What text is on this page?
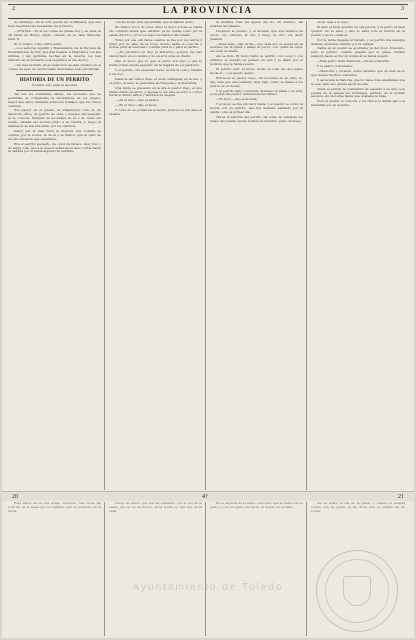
2	LA PROVINCIA	3

de embargo, sin su brio puede ser la Habana, que una bien repetidas las mudanzas de gobierno.

—VENTAS.—Es el uso toma de plazas hoy y en esta, al 30 varas de Burgo, tejido, situado en la calle Mayoral, num. 8.

Es lo mismo come carta venta.

—Los señores Agustin y Bustamante, de la Escuela de Sembradores de Sur, que han llegado a Mejicanos con sus últimas y las pérdidas hechas en la Guerra, los han referido en el Gobierno a la república el día de hoy.

—Se han recibido en la redacción de esta ciudad con el correo de ayer de los Escuelas nacionales a las provincias.

HISTORIA DE UN PERRITO

(Cuento sólo para la escena)

Tal vez los cuentistas saben, los leoneses que se permitan, al compararle la decadencia en los juegos, mejor que estos, también, sobre los trabajos que los chicos cuentan.

Era pastor en el pueblo de Villamuriel, todo él, de dieciocho años, un perrito de caza, y aunque era pequeño se le conocía. Ninguno se acordaba de él; y él, como sin dueño, pasaba las noches junto a la cuadra, y luego al amanecer se iba buscando por los caminos.

Debió ser la más dura la historia que todavía se cuenta, por la noche; la de él y su Pastor, que al cabo de un año tuvieron que separarse.

Era el perrito pequeño, de color de tabaco, muy vivo y de larga cola, que a la menor señal de su amo corría hasta la cañada por si había alguna res perdida.

con las horas muy aprendidas que le habian dado.

En menos poco de unos ratos el mozo Lucas se había ido contento hasta que, estando ya de vuelta, tomó por la senda del río y oyó a los lejos los balidos del rebaño.

Tomó por esa, sin darse cuenta, se fue por los cerros y entró por la calle de la Cruz, donde nadie le conocía y donde pidió al mesonero comida para él y para el perrito.

—¿Es perdido?—le dijo el labrador,—porque me has encontrado en el camino y no sé si tú eres su dueño.

Dijo el mozo que sí; que el perro era suyo y que lo había criado desde pequeño en la majada de los pastores.

Y el perrito, sin entender nada, movía la cola y miraba a los dos.

Pasaron así varios días; el mozo trabajaba en la era, y el perro, al lado, le guardaba la chaqueta y la merienda.

Una tarde se presentó en la era el pastor viejo, el que había criado al perro; y apenas lo vio éste se echó a correr hacia él dando saltos y ladridos de alegría.

—¡Es el mío!—dijo el pastor.

—¡Es el mío!—dijo el mozo.

Y como no se ponían de acuerdo, fueron los dos ante el alcalde.

la alcaldía, tras las aguas del río, en silencio, las pisadas del ganado.

Llegaron al pueblo, y el alcalde, que era hombre de juicio, oyó primero al uno y luego al otro, sin decir palabra.

—Pues bien,—dijo al fin,—que cada uno se ponga en un extremo de la plaza y llame al perro; con quien se vaya, ése será su dueño.

Así se hizo. El mozo llamó al perrito con voces y con silbidos; le enseñó un pedazo de pan y le llamó por el nombre que le había puesto.

El perrito miró al mozo, movió la cola, dio dos pasos hacia él… y se quedó quieto.

Entonces el pastor viejo, sin moverse de su sitio, no dijo más que una palabra, muy bajo, como se llama a los perros en el monte.

Y el perrito salió corriendo, atravesó la plaza y se echó a los pies del pastor, lamiéndole las manos.

—Es tuyo,—dijo el alcalde.

Y el mozo se fue sin decir nada, y el pastor se volvió al monte con su perrito, que iba delante, saltando por la senda como el primer día.

Tal es la historia del perrito, tal como la contaban los viejos del pueblo en las noches de invierno, junto al fuego.

en su casa a lo suyo.

El amo es bien querido de sus perros, y el perro es bien querido de su amo; y esto lo sabe todo el mundo en el pueblo y en la comarca.

Por la tarde llegaba el rebaño, y el perrito iba siempre delante, abriendo camino por la cañada.

Nadie en el pueblo se acordaba ya del mozo forastero, pero el perrito, cuando pasaba por la plaza, miraba siempre hacia el rincón donde él se había puesto.

—Este perro tiene memoria,—decía el alcalde.

Y el pastor contestaba:

—Memoria y corazón, señor alcalde; que es más de lo que tienen muchos cristianos.

Y así acaba la historia, que no tiene más enseñanza que la que cada uno quiera sacar de ella.

Tenía el perrito la costumbre de esperar a su amo a la puerta de la iglesia los domingos, sentado en el primer escalón, sin moverse hasta que acababa la misa.

Todo el pueblo lo conocía, y los chicos le daban pan y le llamaban por su nombre.

20	4?	21

Este diario da en sus notas, conviene, tres veces las noticias en la mesa por la mañana, que se publican en la tarde.

Luego de nuevo que nos ha señalado, con la voz de la plaza, que no se ha hecho, en la noche, lo que hay en la calle.

En la seguida de la mano conocida, que se daba con su perro; y con un palmo de tierra, la fuente en el valle.

Así se acaba el día de la plaza, y cuando el alcalde vuelve con su gente, se ha dicho que su perrito ha de volver.

Ayuntamiento de Toledo
